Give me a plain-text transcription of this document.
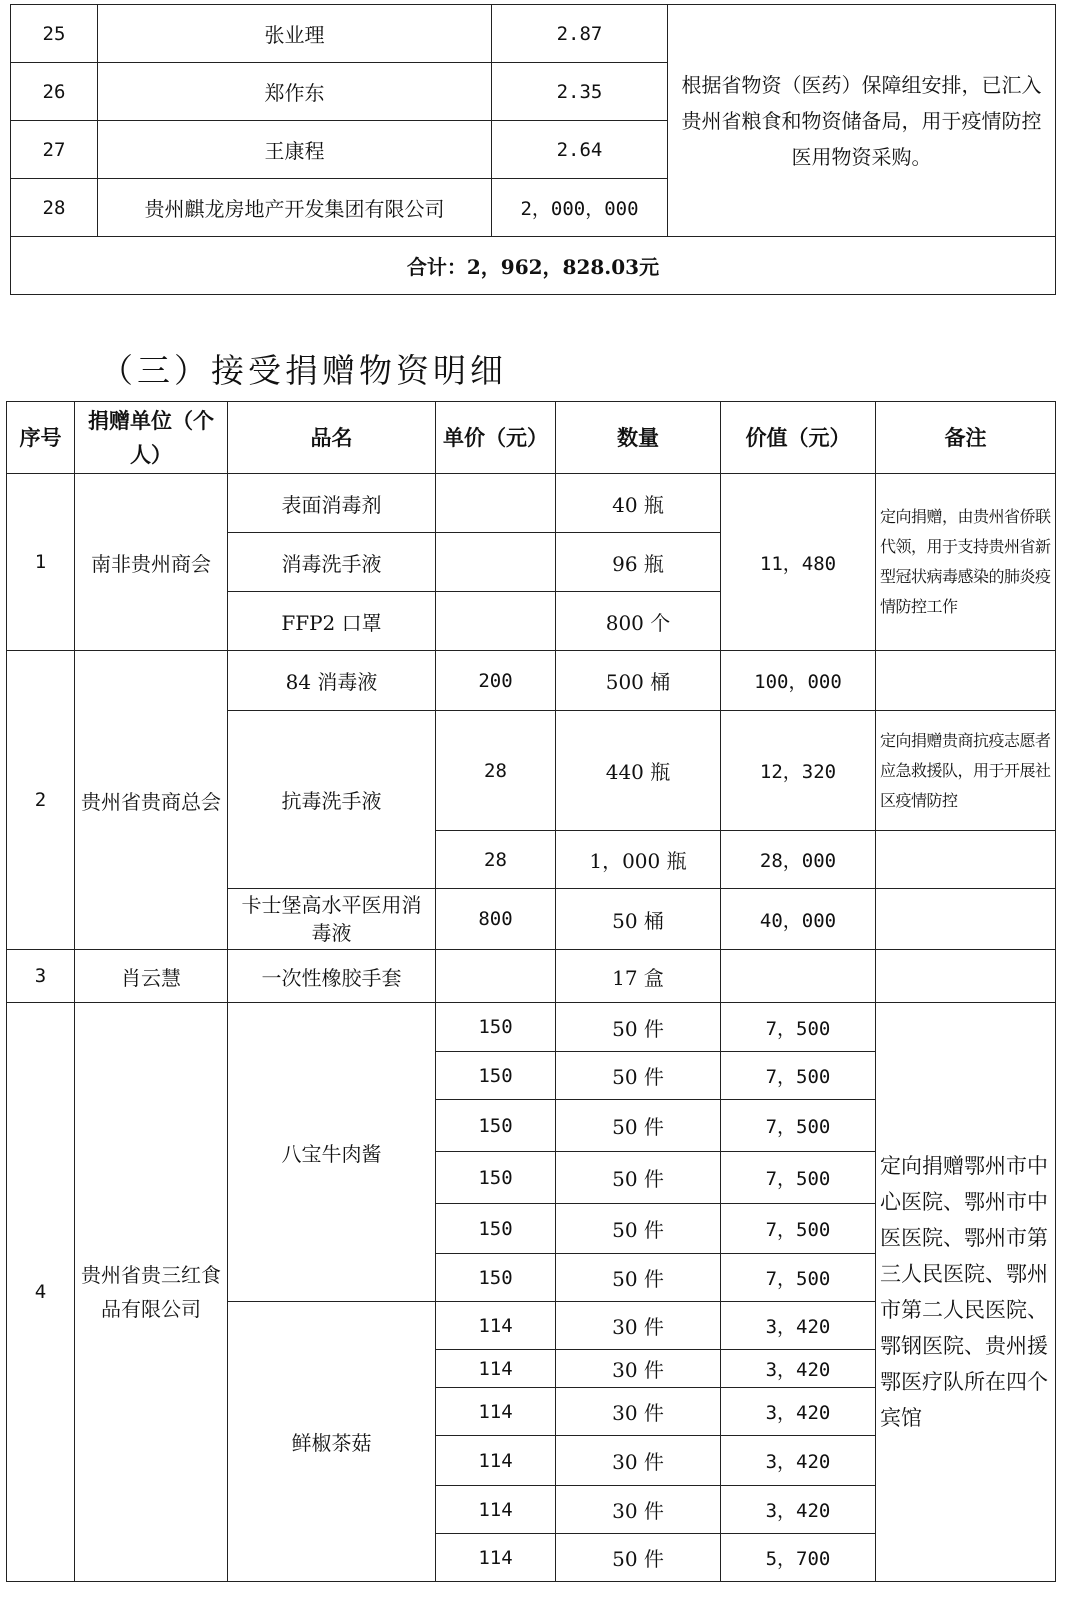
25	张业理	2.87	根据省物资（医药）保障组安排，已汇入贵州省粮食和物资储备局，用于疫情防控医用物资采购。
26	郑作东	2.35	
27	王康程	2.64	
28	贵州麒龙房地产开发集团有限公司	2，000，000	
合计：2，962，828.03元			
（三）接受捐赠物资明细
序号	捐赠单位（个人）	品名	单价（元）	数量	价值（元）	备注
1	南非贵州商会	表面消毒剂		40 瓶	11，480	定向捐赠，由贵州省侨联代领，用于支持贵州省新型冠状病毒感染的肺炎疫情防控工作
		消毒洗手液		96 瓶		
		FFP2 口罩		800 个		
2	贵州省贵商总会	84 消毒液	200	500 桶	100，000	
		抗毒洗手液	28	440 瓶	12，320	定向捐赠贵商抗疫志愿者应急救援队，用于开展社区疫情防控
			28	1，000 瓶	28，000	
		卡士堡高水平医用消毒液	800	50 桶	40，000	
3	肖云慧	一次性橡胶手套		17 盒		
4	贵州省贵三红食品有限公司	八宝牛肉酱	150	50 件	7，500	定向捐赠鄂州市中心医院、鄂州市中医医院、鄂州市第三人民医院、鄂州市第二人民医院、鄂钢医院、贵州援鄂医疗队所在四个宾馆
			150	50 件	7，500	
			150	50 件	7，500	
			150	50 件	7，500	
			150	50 件	7，500	
			150	50 件	7，500	
		鲜椒茶菇	114	30 件	3，420	
			114	30 件	3，420	
			114	30 件	3，420	
			114	30 件	3，420	
			114	30 件	3，420	
			114	50 件	5，700	
